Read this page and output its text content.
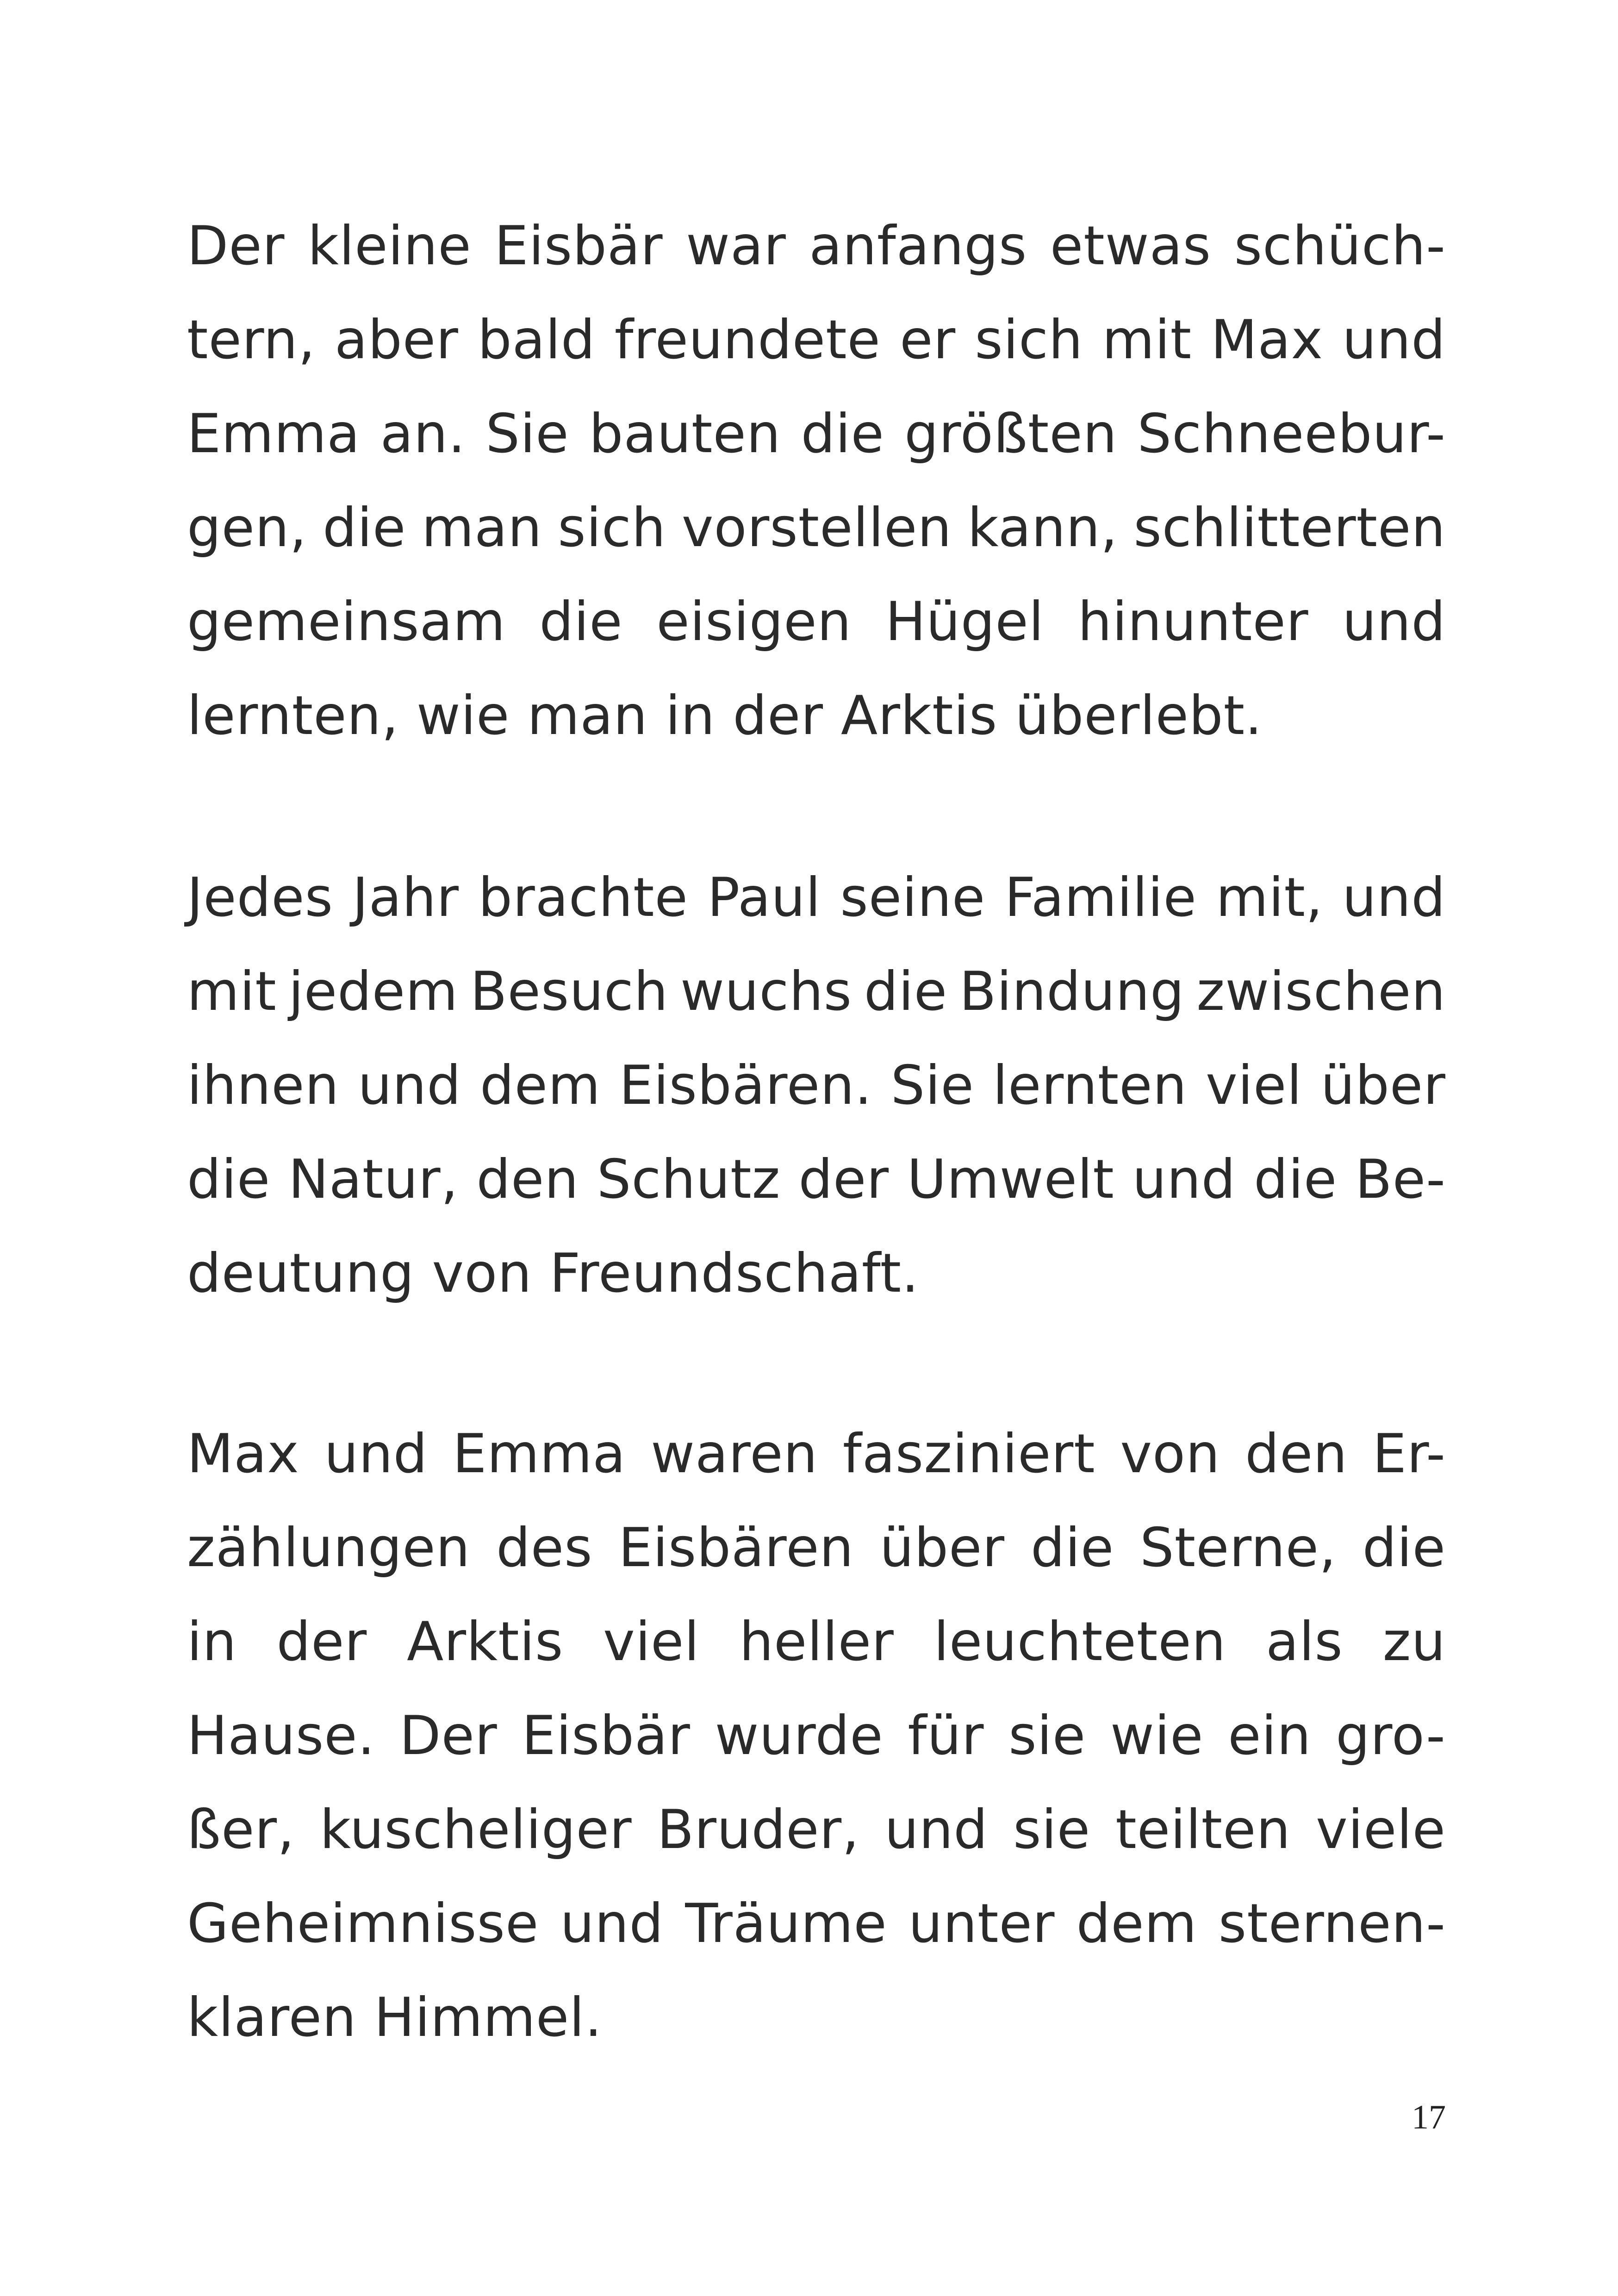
Der kleine Eisbär war anfangs etwas schüch-
tern, aber bald freundete er sich mit Max und
Emma an. Sie bauten die größten Schneebur-
gen, die man sich vorstellen kann, schlitterten
gemeinsam die eisigen Hügel hinunter und
lernten, wie man in der Arktis überlebt.
Jedes Jahr brachte Paul seine Familie mit, und
mit jedem Besuch wuchs die Bindung zwischen
ihnen und dem Eisbären. Sie lernten viel über
die Natur, den Schutz der Umwelt und die Be-
deutung von Freundschaft.
Max und Emma waren fasziniert von den Er-
zählungen des Eisbären über die Sterne, die
in der Arktis viel heller leuchteten als zu
Hause. Der Eisbär wurde für sie wie ein gro-
ßer, kuscheliger Bruder, und sie teilten viele
Geheimnisse und Träume unter dem sternen-
klaren Himmel.
17
